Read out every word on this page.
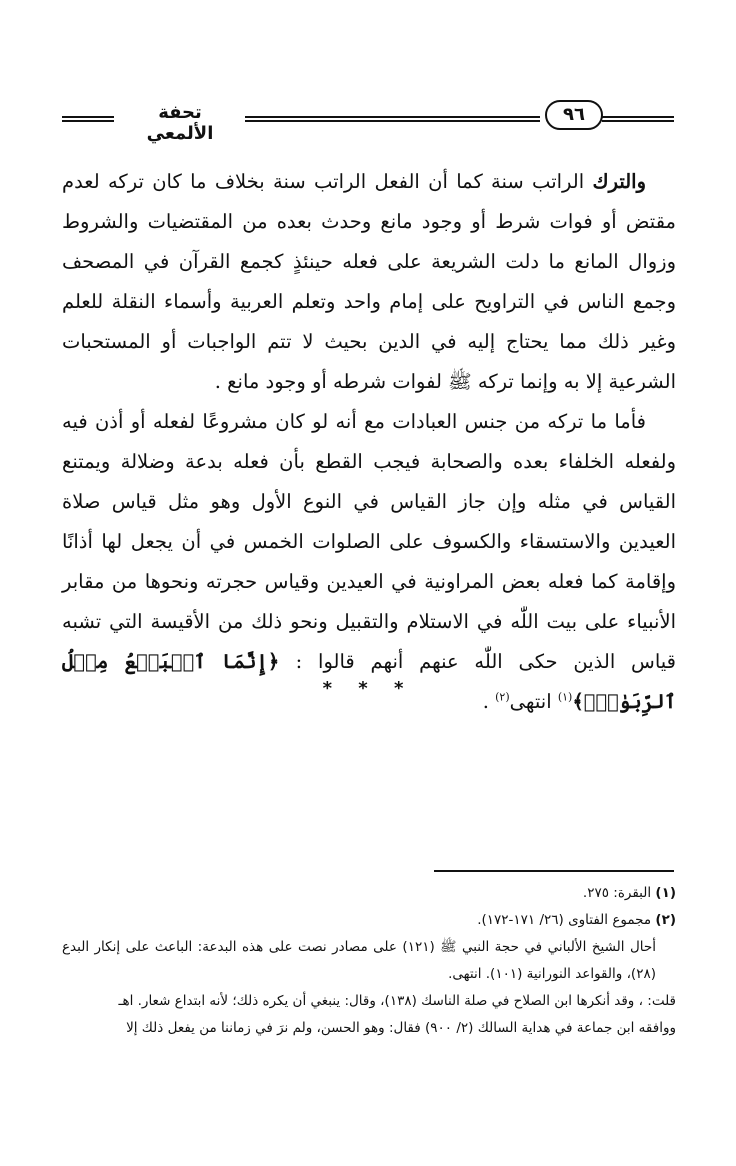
تحفة الألمعي
٩٦

والترك الراتب سنة كما أن الفعل الراتب سنة بخلاف ما كان تركه لعدم مقتض أو فوات شرط أو وجود مانع وحدث بعده من المقتضيات والشروط وزوال المانع ما دلت الشريعة على فعله حينئذٍ كجمع القرآن في المصحف وجمع الناس في التراويح على إمام واحد وتعلم العربية وأسماء النقلة للعلم وغير ذلك مما يحتاج إليه في الدين بحيث لا تتم الواجبات أو المستحبات الشرعية إلا به وإنما تركه ﷺ لفوات شرطه أو وجود مانع .

فأما ما تركه من جنس العبادات مع أنه لو كان مشروعًا لفعله أو أذن فيه ولفعله الخلفاء بعده والصحابة فيجب القطع بأن فعله بدعة وضلالة ويمتنع القياس في مثله وإن جاز القياس في النوع الأول وهو مثل قياس صلاة العيدين والاستسقاء والكسوف على الصلوات الخمس في أن يجعل لها أذانًا وإقامة كما فعله بعض المراونية في العيدين وقياس حجرته ونحوها من مقابر الأنبياء على بيت اللّٰه في الاستلام والتقبيل ونحو ذلك من الأقيسة التي تشبه قياس الذين حكى اللّٰه عنهم أنهم قالوا : ﴿إِنَّمَا ٱلۡبَيۡعُ مِثۡلُ ٱلرِّبَوٰاْۗ﴾$^{(١)}$ انتهى$^{(٢)}$ .

* * *

(١) البقرة: ٢٧٥.

(٢) مجموع الفتاوى (٢٦/ ١٧١-١٧٢).

أحال الشيخ الألباني في حجة النبي ﷺ (١٢١) على مصادر نصت على هذه البدعة: الباعث على إنكار البدع (٢٨)، والقواعد النورانية (١٠١). انتهى.

قلت: ، وقد أنكرها ابن الصلاح في صلة الناسك (١٣٨)، وقال: ينبغي أن يكره ذلك؛ لأنه ابتداع شعار. اهـ

ووافقه ابن جماعة في هداية السالك (٢/ ٩٠٠) فقال: وهو الحسن، ولم نرَ في زماننا من يفعل ذلك إلا
